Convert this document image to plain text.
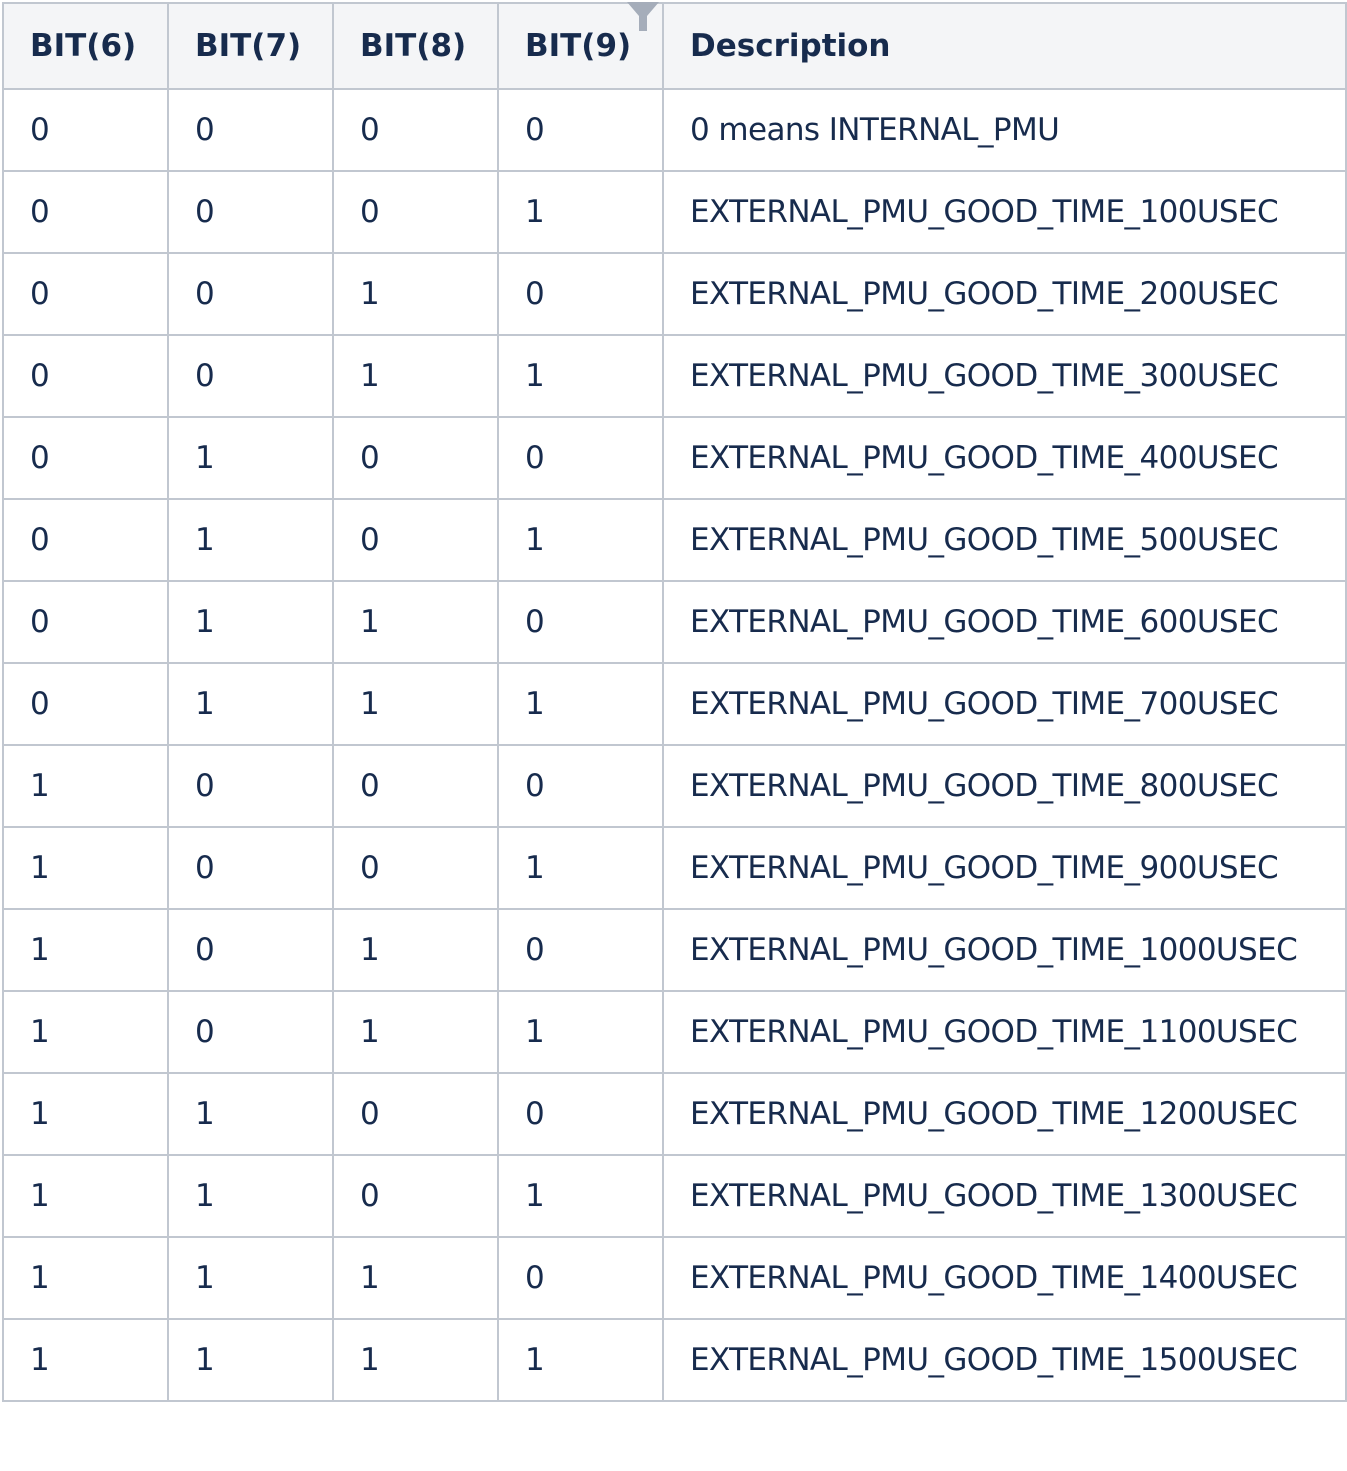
BIT(6)	BIT(7)	BIT(8)	BIT(9)	Description
0	0	0	0	0 means INTERNAL_PMU
0	0	0	1	EXTERNAL_PMU_GOOD_TIME_100USEC
0	0	1	0	EXTERNAL_PMU_GOOD_TIME_200USEC
0	0	1	1	EXTERNAL_PMU_GOOD_TIME_300USEC
0	1	0	0	EXTERNAL_PMU_GOOD_TIME_400USEC
0	1	0	1	EXTERNAL_PMU_GOOD_TIME_500USEC
0	1	1	0	EXTERNAL_PMU_GOOD_TIME_600USEC
0	1	1	1	EXTERNAL_PMU_GOOD_TIME_700USEC
1	0	0	0	EXTERNAL_PMU_GOOD_TIME_800USEC
1	0	0	1	EXTERNAL_PMU_GOOD_TIME_900USEC
1	0	1	0	EXTERNAL_PMU_GOOD_TIME_1000USEC
1	0	1	1	EXTERNAL_PMU_GOOD_TIME_1100USEC
1	1	0	0	EXTERNAL_PMU_GOOD_TIME_1200USEC
1	1	0	1	EXTERNAL_PMU_GOOD_TIME_1300USEC
1	1	1	0	EXTERNAL_PMU_GOOD_TIME_1400USEC
1	1	1	1	EXTERNAL_PMU_GOOD_TIME_1500USEC
